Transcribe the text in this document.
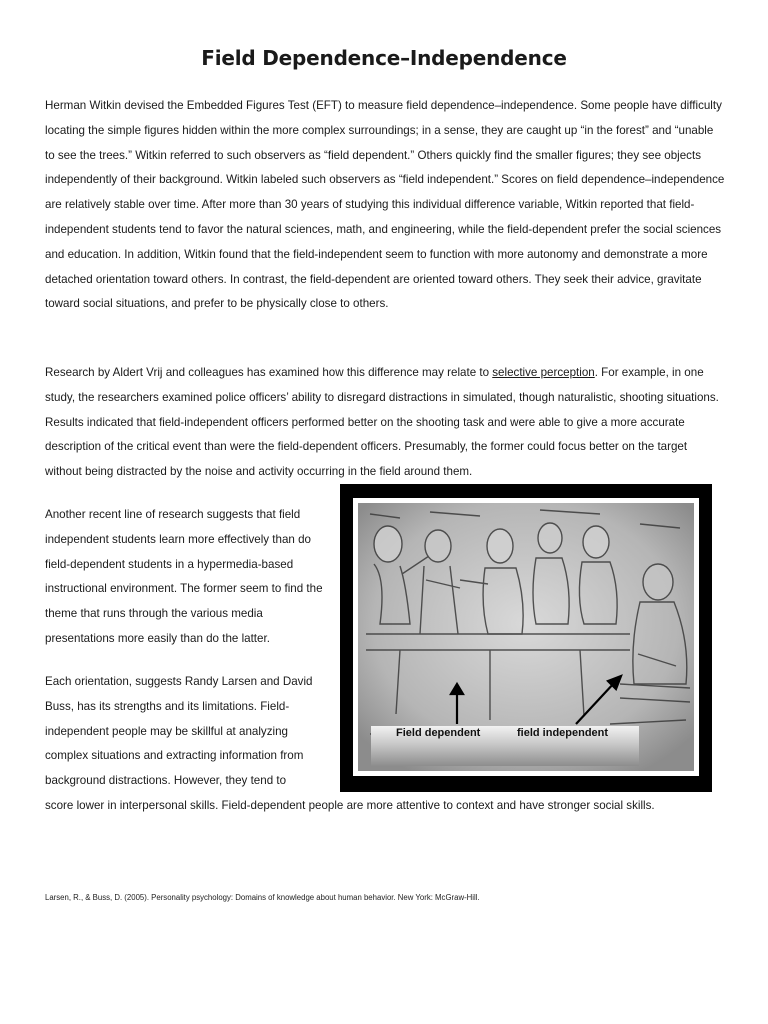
Field Dependence–Independence

Herman Witkin devised the Embedded Figures Test (EFT) to measure field dependence–independence. Some people have difficulty locating the simple figures hidden within the more complex surroundings; in a sense, they are caught up “in the forest” and “unable to see the trees.” Witkin referred to such observers as “field dependent.” Others quickly find the smaller figures; they see objects independently of their background. Witkin labeled such observers as “field independent.” Scores on field dependence–independence are relatively stable over time. After more than 30 years of studying this individual difference variable, Witkin reported that field-independent students tend to favor the natural sciences, math, and engineering, while the field-dependent prefer the social sciences and education. In addition, Witkin found that the field-independent seem to function with more autonomy and demonstrate a more detached orientation toward others. In contrast, the field-dependent are oriented toward others. They seek their advice, gravitate toward social situations, and prefer to be physically close to others.

Research by Aldert Vrij and colleagues has examined how this difference may relate to selective perception. For example, in one study, the researchers examined police officers’ ability to disregard distractions in simulated, though naturalistic, shooting situations. Results indicated that field-independent officers performed better on the shooting task and were able to give a more accurate description of the critical event than were the field-dependent officers. Presumably, the former could focus better on the target without being distracted by the noise and activity occurring in the field around them.

Another recent line of research suggests that field independent students learn more effectively than do field-dependent students in a hypermedia-based instructional environment. The former seem to find the theme that runs through the various media presentations more easily than do the latter.

Each orientation, suggests Randy Larsen and David Buss, has its strengths and its limitations. Field-independent people may be skillful at analyzing complex situations and extracting information from background distractions. However, they tend to

score lower in interpersonal skills. Field-dependent people are more attentive to context and have stronger social skills.

Field dependent	field independent

Larsen, R., & Buss, D. (2005). Personality psychology: Domains of knowledge about human behavior. New York: McGraw-Hill.
